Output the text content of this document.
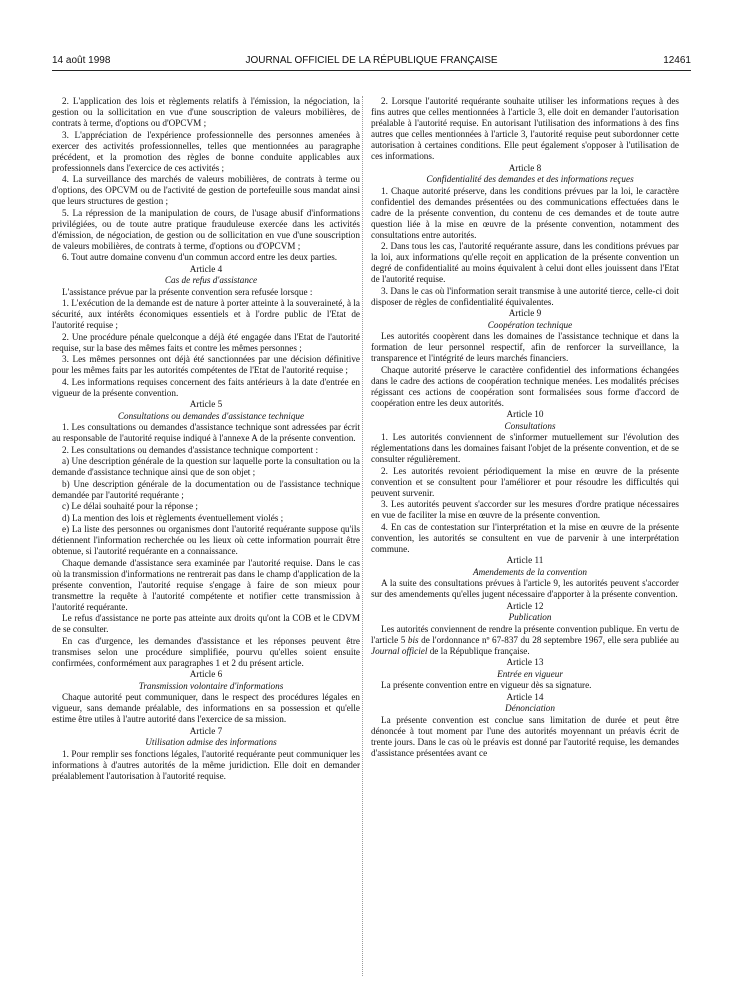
14 août 1998	JOURNAL OFFICIEL DE LA RÉPUBLIQUE FRANÇAISE	12461

2. L'application des lois et règlements relatifs à l'émission, la négociation, la gestion ou la sollicitation en vue d'une souscription de valeurs mobilières, de contrats à terme, d'options ou d'OPCVM ;

3. L'appréciation de l'expérience professionnelle des personnes amenées à exercer des activités professionnelles, telles que mentionnées au paragraphe précédent, et la promotion des règles de bonne conduite applicables aux professionnels dans l'exercice de ces activités ;

4. La surveillance des marchés de valeurs mobilières, de contrats à terme ou d'options, des OPCVM ou de l'activité de gestion de portefeuille sous mandat ainsi que leurs structures de gestion ;

5. La répression de la manipulation de cours, de l'usage abusif d'informations privilégiées, ou de toute autre pratique frauduleuse exercée dans les activités d'émission, de négociation, de gestion ou de sollicitation en vue d'une souscription de valeurs mobilières, de contrats à terme, d'options ou d'OPCVM ;

6. Tout autre domaine convenu d'un commun accord entre les deux parties.

Article 4

Cas de refus d'assistance

L'assistance prévue par la présente convention sera refusée lorsque :

1. L'exécution de la demande est de nature à porter atteinte à la souveraineté, à la sécurité, aux intérêts économiques essentiels et à l'ordre public de l'Etat de l'autorité requise ;

2. Une procédure pénale quelconque a déjà été engagée dans l'Etat de l'autorité requise, sur la base des mêmes faits et contre les mêmes personnes ;

3. Les mêmes personnes ont déjà été sanctionnées par une décision définitive pour les mêmes faits par les autorités compétentes de l'Etat de l'autorité requise ;

4. Les informations requises concernent des faits antérieurs à la date d'entrée en vigueur de la présente convention.

Article 5

Consultations ou demandes d'assistance technique

1. Les consultations ou demandes d'assistance technique sont adressées par écrit au responsable de l'autorité requise indiqué à l'annexe A de la présente convention.

2. Les consultations ou demandes d'assistance technique comportent :

a) Une description générale de la question sur laquelle porte la consultation ou la demande d'assistance technique ainsi que de son objet ;

b) Une description générale de la documentation ou de l'assistance technique demandée par l'autorité requérante ;

c) Le délai souhaité pour la réponse ;

d) La mention des lois et règlements éventuellement violés ;

e) La liste des personnes ou organismes dont l'autorité requérante suppose qu'ils détiennent l'information recherchée ou les lieux où cette information pourrait être obtenue, si l'autorité requérante en a connaissance.

Chaque demande d'assistance sera examinée par l'autorité requise. Dans le cas où la transmission d'informations ne rentrerait pas dans le champ d'application de la présente convention, l'autorité requise s'engage à faire de son mieux pour transmettre la requête à l'autorité compétente et notifier cette transmission à l'autorité requérante.

Le refus d'assistance ne porte pas atteinte aux droits qu'ont la COB et le CDVM de se consulter.

En cas d'urgence, les demandes d'assistance et les réponses peuvent être transmises selon une procédure simplifiée, pourvu qu'elles soient ensuite confirmées, conformément aux paragraphes 1 et 2 du présent article.

Article 6

Transmission volontaire d'informations

Chaque autorité peut communiquer, dans le respect des procédures légales en vigueur, sans demande préalable, des informations en sa possession et qu'elle estime être utiles à l'autre autorité dans l'exercice de sa mission.

Article 7

Utilisation admise des informations

1. Pour remplir ses fonctions légales, l'autorité requérante peut communiquer les informations à d'autres autorités de la même juridiction. Elle doit en demander préalablement l'autorisation à l'autorité requise.

2. Lorsque l'autorité requérante souhaite utiliser les informations reçues à des fins autres que celles mentionnées à l'article 3, elle doit en demander l'autorisation préalable à l'autorité requise. En autorisant l'utilisation des informations à des fins autres que celles mentionnées à l'article 3, l'autorité requise peut subordonner cette autorisation à certaines conditions. Elle peut également s'opposer à l'utilisation de ces informations.

Article 8

Confidentialité des demandes et des informations reçues

1. Chaque autorité préserve, dans les conditions prévues par la loi, le caractère confidentiel des demandes présentées ou des communications effectuées dans le cadre de la présente convention, du contenu de ces demandes et de toute autre question liée à la mise en œuvre de la présente convention, notamment des consultations entre autorités.

2. Dans tous les cas, l'autorité requérante assure, dans les conditions prévues par la loi, aux informations qu'elle reçoit en application de la présente convention un degré de confidentialité au moins équivalent à celui dont elles jouissent dans l'Etat de l'autorité requise.

3. Dans le cas où l'information serait transmise à une autorité tierce, celle-ci doit disposer de règles de confidentialité équivalentes.

Article 9

Coopération technique

Les autorités coopèrent dans les domaines de l'assistance technique et dans la formation de leur personnel respectif, afin de renforcer la surveillance, la transparence et l'intégrité de leurs marchés financiers.

Chaque autorité préserve le caractère confidentiel des informations échangées dans le cadre des actions de coopération technique menées. Les modalités précises régissant ces actions de coopération sont formalisées sous forme d'accord de coopération entre les deux autorités.

Article 10

Consultations

1. Les autorités conviennent de s'informer mutuellement sur l'évolution des réglementations dans les domaines faisant l'objet de la présente convention, et de se consulter régulièrement.

2. Les autorités revoient périodiquement la mise en œuvre de la présente convention et se consultent pour l'améliorer et pour résoudre les difficultés qui peuvent survenir.

3. Les autorités peuvent s'accorder sur les mesures d'ordre pratique nécessaires en vue de faciliter la mise en œuvre de la présente convention.

4. En cas de contestation sur l'interprétation et la mise en œuvre de la présente convention, les autorités se consultent en vue de parvenir à une interprétation commune.

Article 11

Amendements de la convention

A la suite des consultations prévues à l'article 9, les autorités peuvent s'accorder sur des amendements qu'elles jugent nécessaire d'apporter à la présente convention.

Article 12

Publication

Les autorités conviennent de rendre la présente convention publique. En vertu de l'article 5 bis de l'ordonnance nº 67-837 du 28 septembre 1967, elle sera publiée au Journal officiel de la République française.

Article 13

Entrée en vigueur

La présente convention entre en vigueur dès sa signature.

Article 14

Dénonciation

La présente convention est conclue sans limitation de durée et peut être dénoncée à tout moment par l'une des autorités moyennant un préavis écrit de trente jours. Dans le cas où le préavis est donné par l'autorité requise, les demandes d'assistance présentées avant ce
